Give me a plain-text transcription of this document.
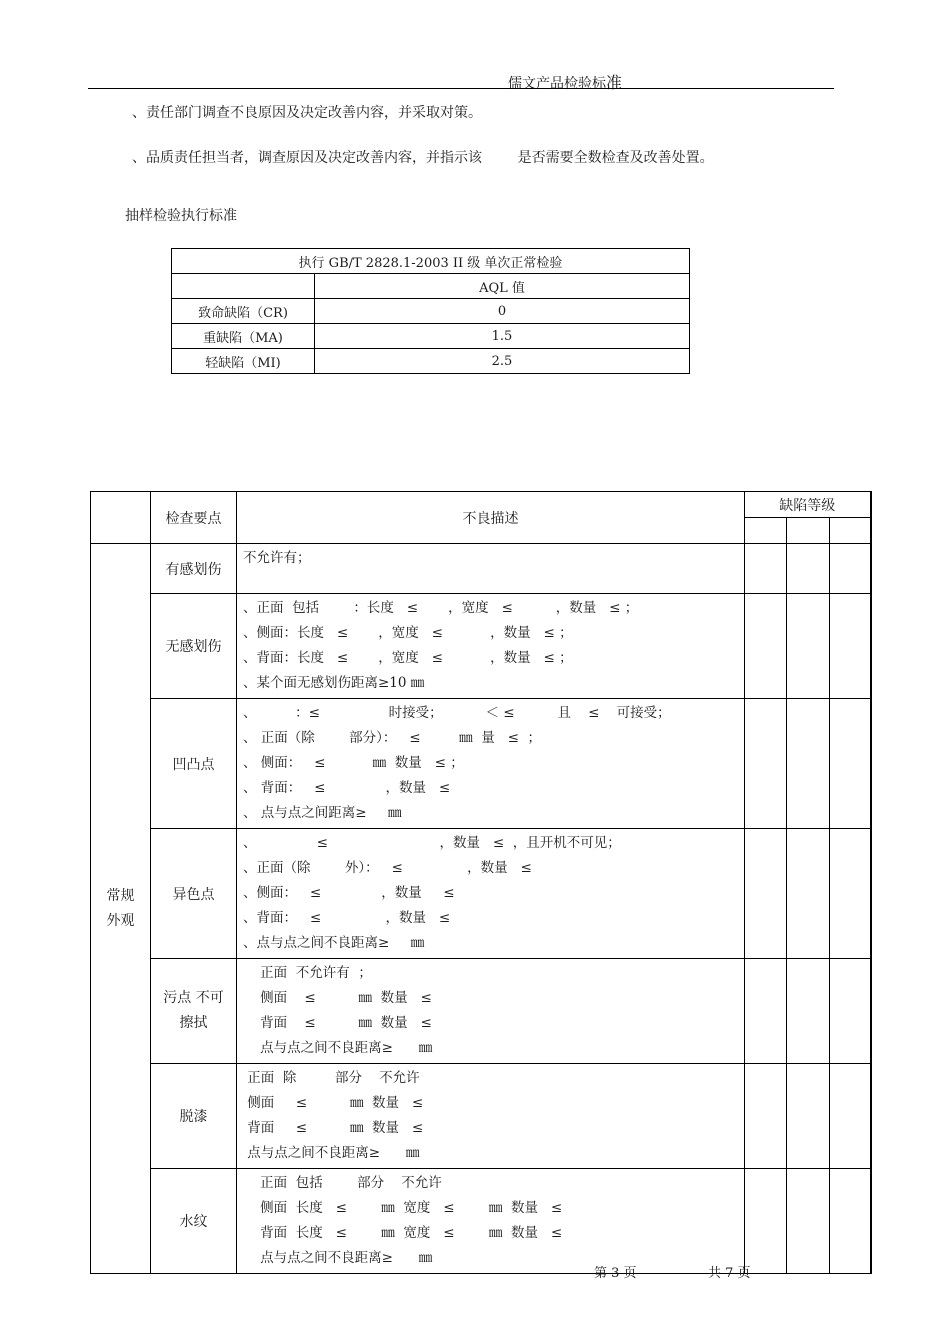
儒文产品检验标准
、责任部门调查不良原因及决定改善内容，并采取对策。
、品质责任担当者，调查原因及决定改善内容，并指示该        是否需要全数检查及改善处置。
抽样检验执行标准
执行 GB/T 2828.1-2003 II 级 单次正常检验	
	AQL 值
致命缺陷（CR)	0
重缺陷（MA)	1.5
轻缺陷（MI)	2.5
	检查要点	不良描述	缺陷等级		

常规
外观	有感划伤	不允许有；			
	无感划伤	、正面  包括        ：长度   ≤       ，宽度   ≤          ，数量   ≤ ；
、侧面：长度   ≤       ，宽度   ≤           ，数量   ≤ ；
、背面：长度   ≤       ，宽度   ≤           ，数量   ≤ ；
、某个面无感划伤距离≥10 ㎜			
	凹凸点	、         ：≤                时接受；          ＜ ≤          且    ≤    可接受；
、 正面（除        部分）：   ≤         ㎜  量   ≤  ；
、 侧面：   ≤           ㎜  数量   ≤ ；
、 背面：   ≤              ，数量   ≤
、 点与点之间距离≥     ㎜			
	异色点	、              ≤                          ，数量   ≤  ，且开机不可见；
、正面（除        外）：   ≤               ，数量   ≤
、侧面：   ≤              ，数量     ≤
、背面：   ≤               ，数量   ≤
、点与点之间不良距离≥     ㎜			
	污点 不可
擦拭	正面  不允许有  ；
侧面    ≤          ㎜  数量   ≤
背面    ≤          ㎜  数量   ≤
点与点之间不良距离≥      ㎜			
	脱漆	正面  除         部分    不允许
侧面     ≤          ㎜  数量   ≤
背面     ≤          ㎜  数量   ≤
点与点之间不良距离≥      ㎜			
	水纹	正面  包括        部分    不允许
侧面  长度   ≤        ㎜  宽度   ≤        ㎜  数量   ≤
背面  长度   ≤        ㎜  宽度   ≤        ㎜  数量   ≤
点与点之间不良距离≥      ㎜			
第 3 页	共 7 页
